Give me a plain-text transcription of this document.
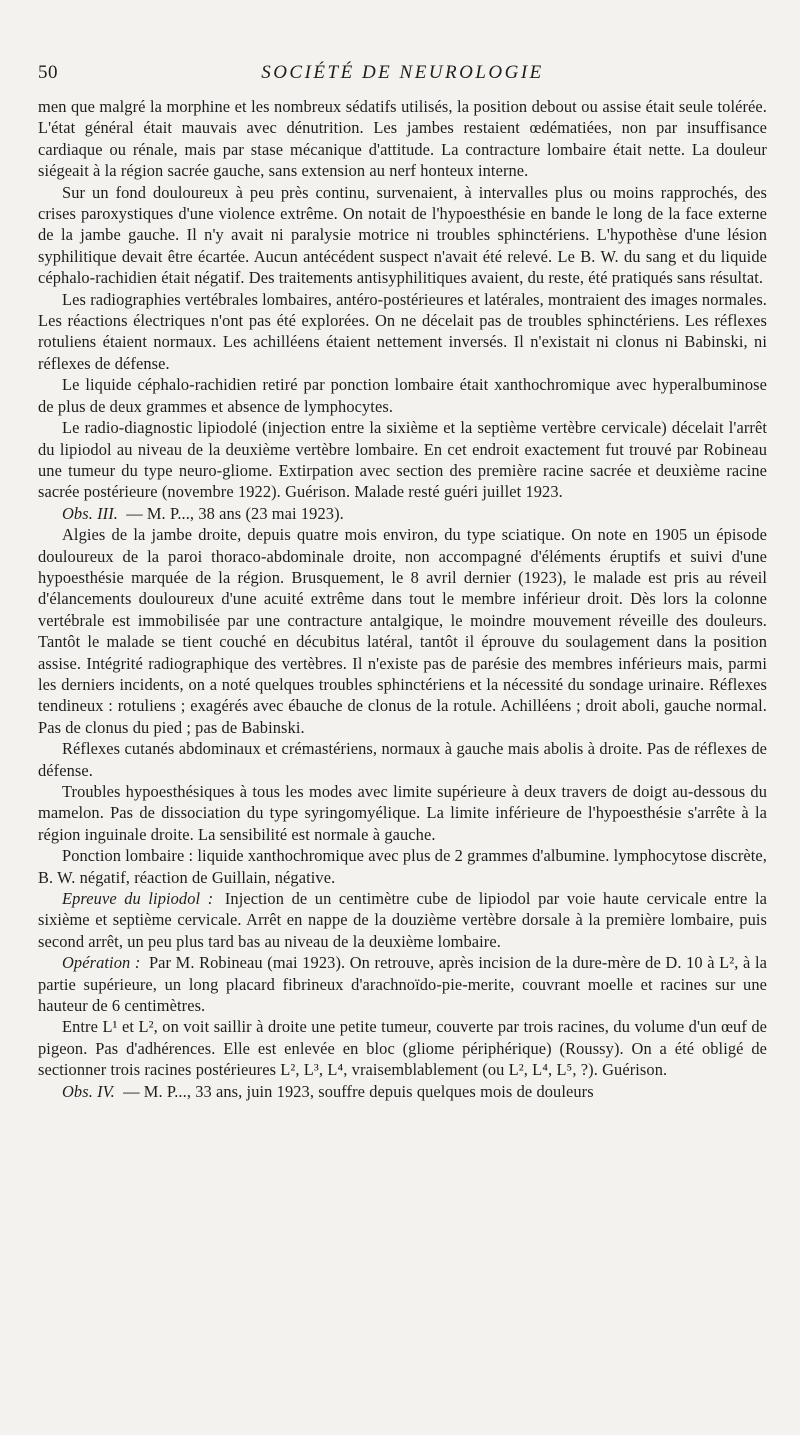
50	SOCIÉTÉ DE NEUROLOGIE

men que malgré la morphine et les nombreux sédatifs utilisés, la position debout ou assise était seule tolérée. L'état général était mauvais avec dénutrition. Les jambes restaient œdématiées, non par insuffisance cardiaque ou rénale, mais par stase mécanique d'attitude. La contracture lombaire était nette. La douleur siégeait à la région sacrée gauche, sans extension au nerf honteux interne.

Sur un fond douloureux à peu près continu, survenaient, à intervalles plus ou moins rapprochés, des crises paroxystiques d'une violence extrême. On notait de l'hypoesthésie en bande le long de la face externe de la jambe gauche. Il n'y avait ni paralysie motrice ni troubles sphinctériens. L'hypothèse d'une lésion syphilitique devait être écartée. Aucun antécédent suspect n'avait été relevé. Le B. W. du sang et du liquide céphalo-rachidien était négatif. Des traitements antisyphilitiques avaient, du reste, été pratiqués sans résultat.

Les radiographies vertébrales lombaires, antéro-postérieures et latérales, montraient des images normales. Les réactions électriques n'ont pas été explorées. On ne décelait pas de troubles sphinctériens. Les réflexes rotuliens étaient normaux. Les achilléens étaient nettement inversés. Il n'existait ni clonus ni Babinski, ni réflexes de défense.

Le liquide céphalo-rachidien retiré par ponction lombaire était xanthochromique avec hyperalbuminose de plus de deux grammes et absence de lymphocytes.

Le radio-diagnostic lipiodolé (injection entre la sixième et la septième vertèbre cervicale) décelait l'arrêt du lipiodol au niveau de la deuxième vertèbre lombaire. En cet endroit exactement fut trouvé par Robineau une tumeur du type neuro-gliome. Extirpation avec section des première racine sacrée et deuxième racine sacrée postérieure (novembre 1922). Guérison. Malade resté guéri juillet 1923.

Obs. III. — M. P..., 38 ans (23 mai 1923).

Algies de la jambe droite, depuis quatre mois environ, du type sciatique. On note en 1905 un épisode douloureux de la paroi thoraco-abdominale droite, non accompagné d'éléments éruptifs et suivi d'une hypoesthésie marquée de la région. Brusquement, le 8 avril dernier (1923), le malade est pris au réveil d'élancements douloureux d'une acuité extrême dans tout le membre inférieur droit. Dès lors la colonne vertébrale est immobilisée par une contracture antalgique, le moindre mouvement réveille des douleurs. Tantôt le malade se tient couché en décubitus latéral, tantôt il éprouve du soulagement dans la position assise. Intégrité radiographique des vertèbres. Il n'existe pas de parésie des membres inférieurs mais, parmi les derniers incidents, on a noté quelques troubles sphinctériens et la nécessité du sondage urinaire. Réflexes tendineux : rotuliens ; exagérés avec ébauche de clonus de la rotule. Achilléens ; droit aboli, gauche normal. Pas de clonus du pied ; pas de Babinski.

Réflexes cutanés abdominaux et crémastériens, normaux à gauche mais abolis à droite. Pas de réflexes de défense.

Troubles hypoesthésiques à tous les modes avec limite supérieure à deux travers de doigt au-dessous du mamelon. Pas de dissociation du type syringomyélique. La limite inférieure de l'hypoesthésie s'arrête à la région inguinale droite. La sensibilité est normale à gauche.

Ponction lombaire : liquide xanthochromique avec plus de 2 grammes d'albumine. lymphocytose discrète, B. W. négatif, réaction de Guillain, négative.

Epreuve du lipiodol : Injection de un centimètre cube de lipiodol par voie haute cervicale entre la sixième et septième cervicale. Arrêt en nappe de la douzième vertèbre dorsale à la première lombaire, puis second arrêt, un peu plus tard bas au niveau de la deuxième lombaire.

Opération : Par M. Robineau (mai 1923). On retrouve, après incision de la dure-mère de D. 10 à L², à la partie supérieure, un long placard fibrineux d'arachnoïdo-pie-merite, couvrant moelle et racines sur une hauteur de 6 centimètres.

Entre L¹ et L², on voit saillir à droite une petite tumeur, couverte par trois racines, du volume d'un œuf de pigeon. Pas d'adhérences. Elle est enlevée en bloc (gliome périphérique) (Roussy). On a été obligé de sectionner trois racines postérieures L², L³, L⁴, vraisemblablement (ou L², L⁴, L⁵, ?). Guérison.

Obs. IV. — M. P..., 33 ans, juin 1923, souffre depuis quelques mois de douleurs
